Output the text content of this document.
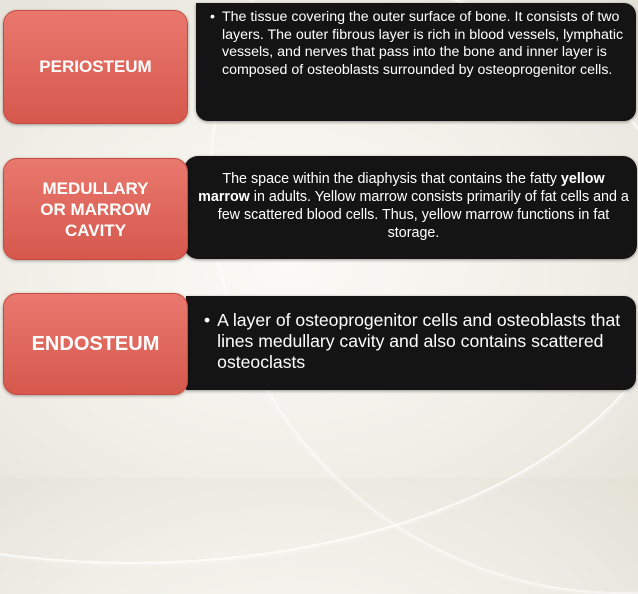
PERIOSTEUM
• The tissue covering the outer surface of bone. It consists of two layers. The outer fibrous layer is rich in blood vessels, lymphatic vessels, and nerves that pass into the bone and inner layer is composed of osteoblasts surrounded by osteoprogenitor cells.
MEDULLARY
OR MARROW
CAVITY
The space within the diaphysis that contains the fatty yellow marrow in adults. Yellow marrow consists primarily of fat cells and a few scattered blood cells. Thus, yellow marrow functions in fat storage.
ENDOSTEUM
• A layer of osteoprogenitor cells and osteoblasts that lines medullary cavity and also contains scattered osteoclasts
